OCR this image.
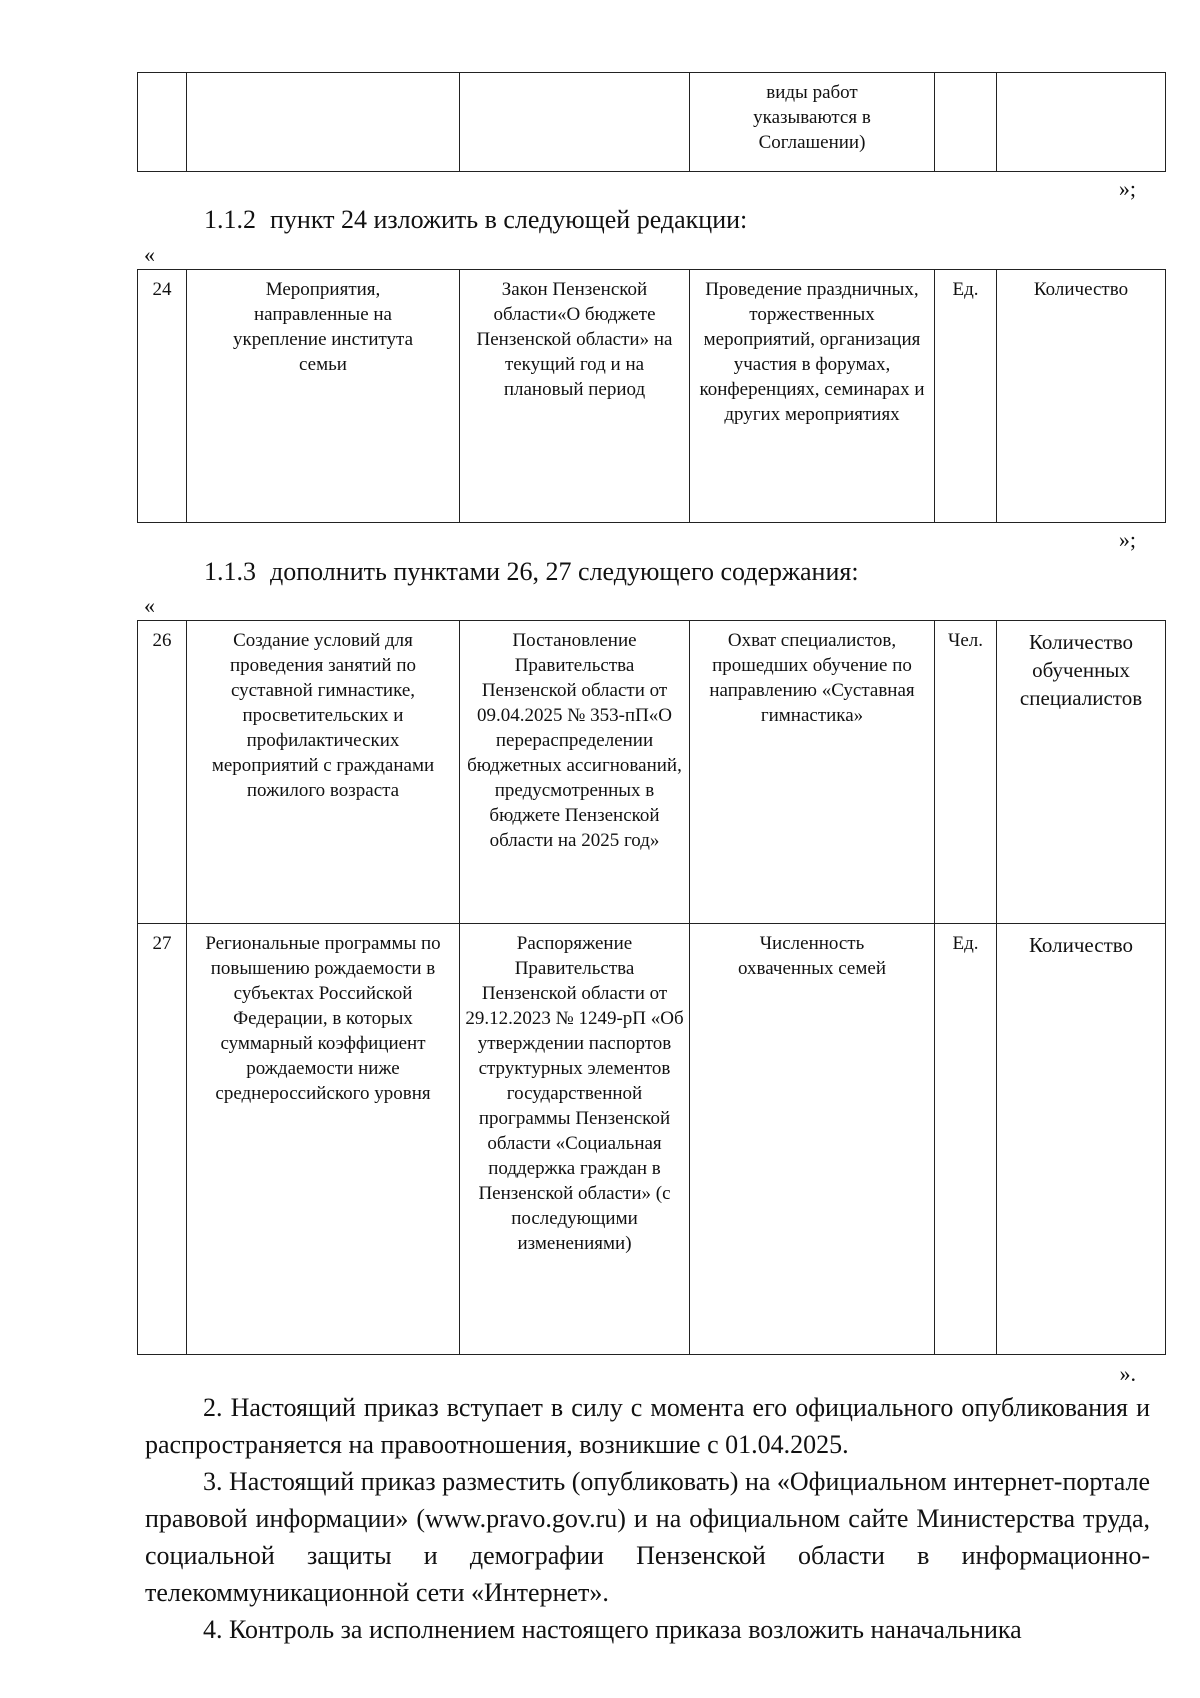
			виды работ указываются в Соглашении)		
»;
1.1.2 пункт 24 изложить в следующей редакции:
«
24	Мероприятия, направленные на укрепление института семьи	Закон Пензенской области«О бюджете Пензенской области» на текущий год и на плановый период	Проведение праздничных, торжественных мероприятий, организация участия в форумах, конференциях, семинарах и других мероприятиях	Ед.	Количество
»;
1.1.3 дополнить пунктами 26, 27 следующего содержания:
«
26	Создание условий для проведения занятий по суставной гимнастике, просветительских и профилактических мероприятий с гражданами пожилого возраста	Постановление Правительства Пензенской области от 09.04.2025 № 353-пП«О перераспределении бюджетных ассигнований, предусмотренных в бюджете Пензенской области на 2025 год»	Охват специалистов, прошедших обучение по направлению «Суставная гимнастика»	Чел.	Количество обученных специалистов
27	Региональные программы по повышению рождаемости в субъектах Российской Федерации, в которых суммарный коэффициент рождаемости ниже среднероссийского уровня	Распоряжение Правительства Пензенской области от 29.12.2023 № 1249-рП «Об утверждении паспортов структурных элементов государственной программы Пензенской области «Социальная поддержка граждан в Пензенской области» (с последующими изменениями)	Численность охваченных семей	Ед.	Количество
».
2. Настоящий приказ вступает в силу с момента его официального опубликования и распространяется на правоотношения, возникшие с 01.04.2025.
3. Настоящий приказ разместить (опубликовать) на «Официальном интернет-портале правовой информации» (www.pravo.gov.ru) и на официальном сайте Министерства труда, социальной защиты и демографии Пензенской области в информационно-телекоммуникационной сети «Интернет».
4. Контроль за исполнением настоящего приказа возложить наначальника
